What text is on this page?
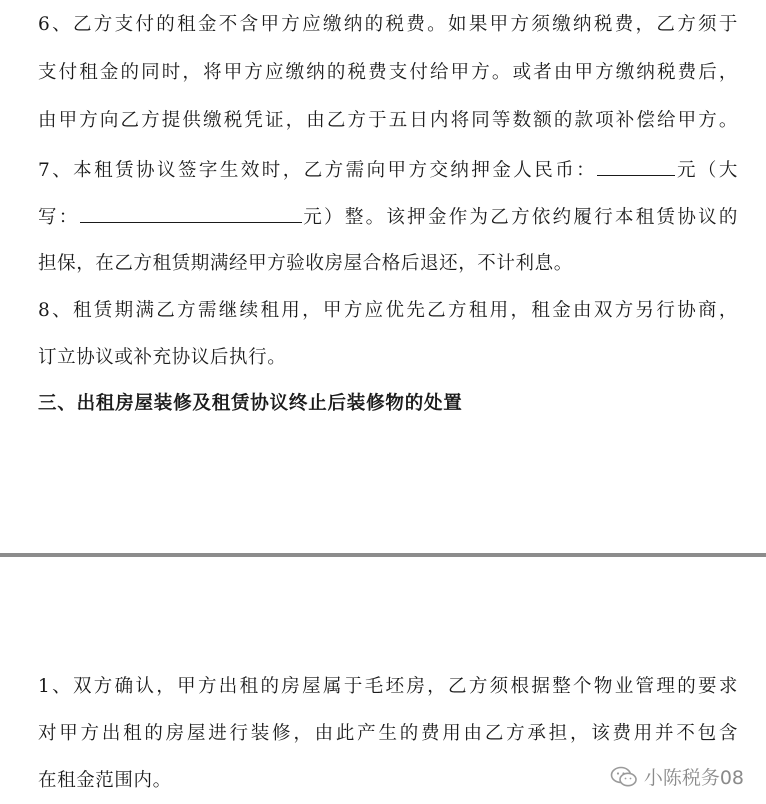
6、乙方支付的租金不含甲方应缴纳的税费。如果甲方须缴纳税费，乙方须于
支付租金的同时，将甲方应缴纳的税费支付给甲方。或者由甲方缴纳税费后，
由甲方向乙方提供缴税凭证，由乙方于五日内将同等数额的款项补偿给甲方。
7、本租赁协议签字生效时，乙方需向甲方交纳押金人民币：	元（大
写：	元）整。该押金作为乙方依约履行本租赁协议的
担保，在乙方租赁期满经甲方验收房屋合格后退还，不计利息。
8、租赁期满乙方需继续租用，甲方应优先乙方租用，租金由双方另行协商，
订立协议或补充协议后执行。
三、出租房屋装修及租赁协议终止后装修物的处置
1、双方确认，甲方出租的房屋属于毛坯房，乙方须根据整个物业管理的要求
对甲方出租的房屋进行装修，由此产生的费用由乙方承担，该费用并不包含
在租金范围内。	小陈税务08
